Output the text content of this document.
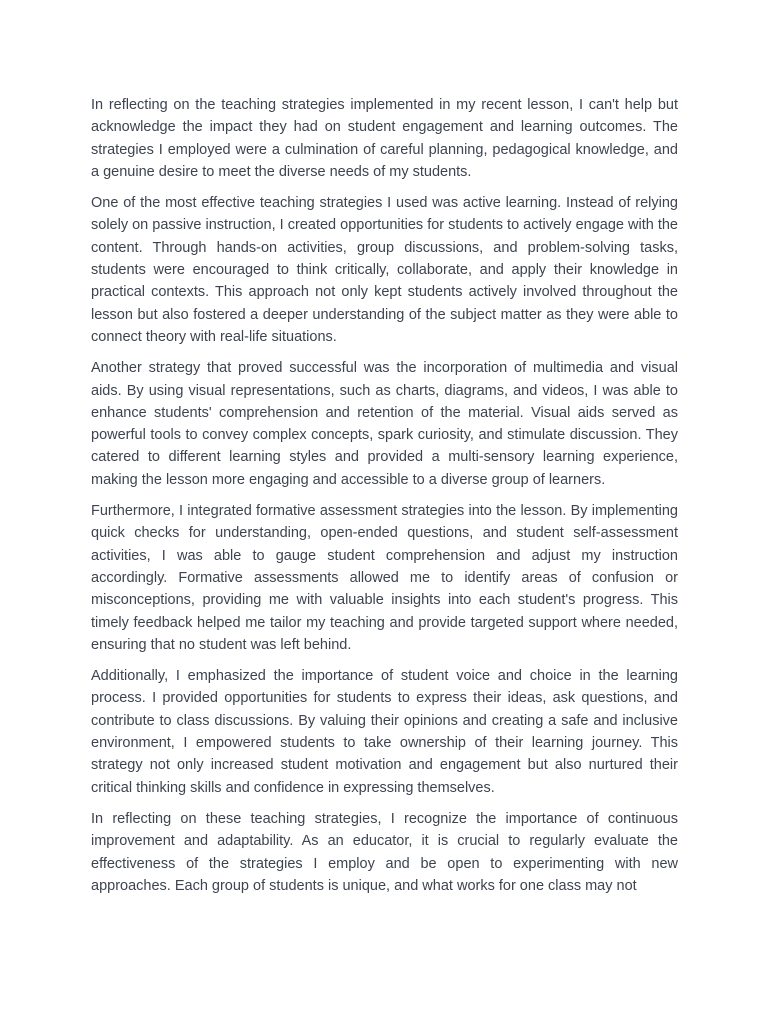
In reflecting on the teaching strategies implemented in my recent lesson, I can't help but acknowledge the impact they had on student engagement and learning outcomes. The strategies I employed were a culmination of careful planning, pedagogical knowledge, and a genuine desire to meet the diverse needs of my students.

One of the most effective teaching strategies I used was active learning. Instead of relying solely on passive instruction, I created opportunities for students to actively engage with the content. Through hands-on activities, group discussions, and problem-solving tasks, students were encouraged to think critically, collaborate, and apply their knowledge in practical contexts. This approach not only kept students actively involved throughout the lesson but also fostered a deeper understanding of the subject matter as they were able to connect theory with real-life situations.

Another strategy that proved successful was the incorporation of multimedia and visual aids. By using visual representations, such as charts, diagrams, and videos, I was able to enhance students' comprehension and retention of the material. Visual aids served as powerful tools to convey complex concepts, spark curiosity, and stimulate discussion. They catered to different learning styles and provided a multi-sensory learning experience, making the lesson more engaging and accessible to a diverse group of learners.

Furthermore, I integrated formative assessment strategies into the lesson. By implementing quick checks for understanding, open-ended questions, and student self-assessment activities, I was able to gauge student comprehension and adjust my instruction accordingly. Formative assessments allowed me to identify areas of confusion or misconceptions, providing me with valuable insights into each student's progress. This timely feedback helped me tailor my teaching and provide targeted support where needed, ensuring that no student was left behind.

Additionally, I emphasized the importance of student voice and choice in the learning process. I provided opportunities for students to express their ideas, ask questions, and contribute to class discussions. By valuing their opinions and creating a safe and inclusive environment, I empowered students to take ownership of their learning journey. This strategy not only increased student motivation and engagement but also nurtured their critical thinking skills and confidence in expressing themselves.

In reflecting on these teaching strategies, I recognize the importance of continuous improvement and adaptability. As an educator, it is crucial to regularly evaluate the effectiveness of the strategies I employ and be open to experimenting with new approaches. Each group of students is unique, and what works for one class may not
